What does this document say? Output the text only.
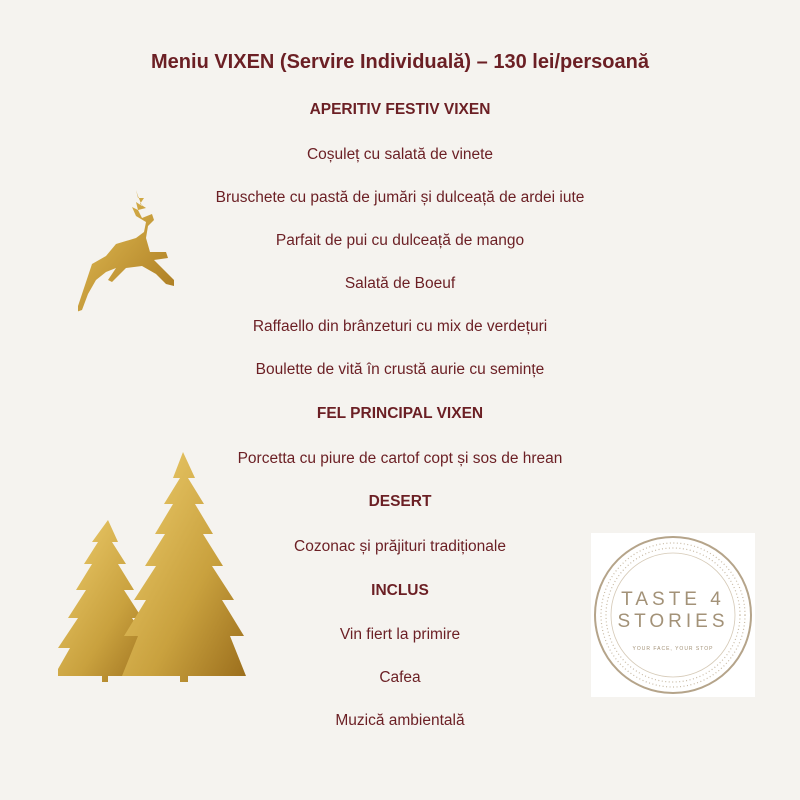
Meniu VIXEN (Servire Individuală) – 130 lei/persoană
APERITIV FESTIV VIXEN
Coșuleț cu salată de vinete
Bruschete cu pastă de jumări și dulceață de ardei iute
Parfait de pui cu dulceață de mango
Salată de Boeuf
Raffaello din brânzeturi cu mix de verdețuri
Boulette de vită în crustă aurie cu semințe
FEL PRINCIPAL VIXEN
Porcetta cu piure de cartof copt și sos de hrean
DESERT
Cozonac și prăjituri tradiționale
INCLUS
Vin fiert la primire
Cafea
Muzică ambientală
TASTE 4
STORIES
YOUR FACE, YOUR STOP
